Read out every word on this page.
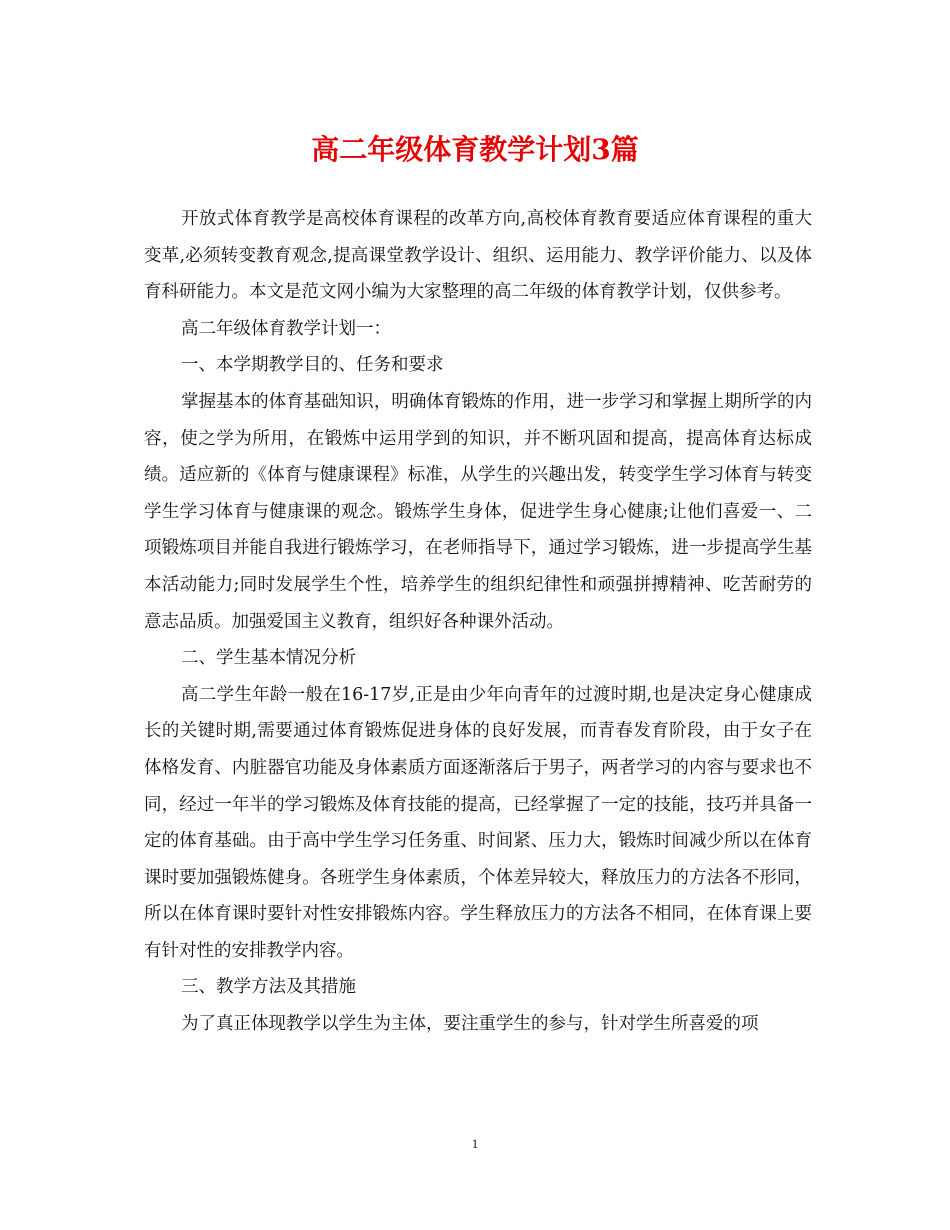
高二年级体育教学计划3篇

开放式体育教学是高校体育课程的改革方向,高校体育教育要适应体育课程的重大变革,必须转变教育观念,提高课堂教学设计、组织、运用能力、教学评价能力、以及体育科研能力。本文是范文网小编为大家整理的高二年级的体育教学计划，仅供参考。

高二年级体育教学计划一：

一、本学期教学目的、任务和要求

掌握基本的体育基础知识，明确体育锻炼的作用，进一步学习和掌握上期所学的内容，使之学为所用，在锻炼中运用学到的知识，并不断巩固和提高，提高体育达标成绩。适应新的《体育与健康课程》标准，从学生的兴趣出发，转变学生学习体育与转变学生学习体育与健康课的观念。锻炼学生身体，促进学生身心健康;让他们喜爱一、二项锻炼项目并能自我进行锻炼学习，在老师指导下，通过学习锻炼，进一步提高学生基本活动能力;同时发展学生个性，培养学生的组织纪律性和顽强拼搏精神、吃苦耐劳的意志品质。加强爱国主义教育，组织好各种课外活动。

二、学生基本情况分析

高二学生年龄一般在16-17岁,正是由少年向青年的过渡时期,也是决定身心健康成长的关键时期,需要通过体育锻炼促进身体的良好发展，而青春发育阶段，由于女子在体格发育、内脏器官功能及身体素质方面逐渐落后于男子，两者学习的内容与要求也不同，经过一年半的学习锻炼及体育技能的提高，已经掌握了一定的技能，技巧并具备一定的体育基础。由于高中学生学习任务重、时间紧、压力大，锻炼时间减少所以在体育课时要加强锻炼健身。各班学生身体素质，个体差异较大，释放压力的方法各不形同，所以在体育课时要针对性安排锻炼内容。学生释放压力的方法各不相同，在体育课上要有针对性的安排教学内容。

三、教学方法及其措施

为了真正体现教学以学生为主体，要注重学生的参与，针对学生所喜爱的项

1
